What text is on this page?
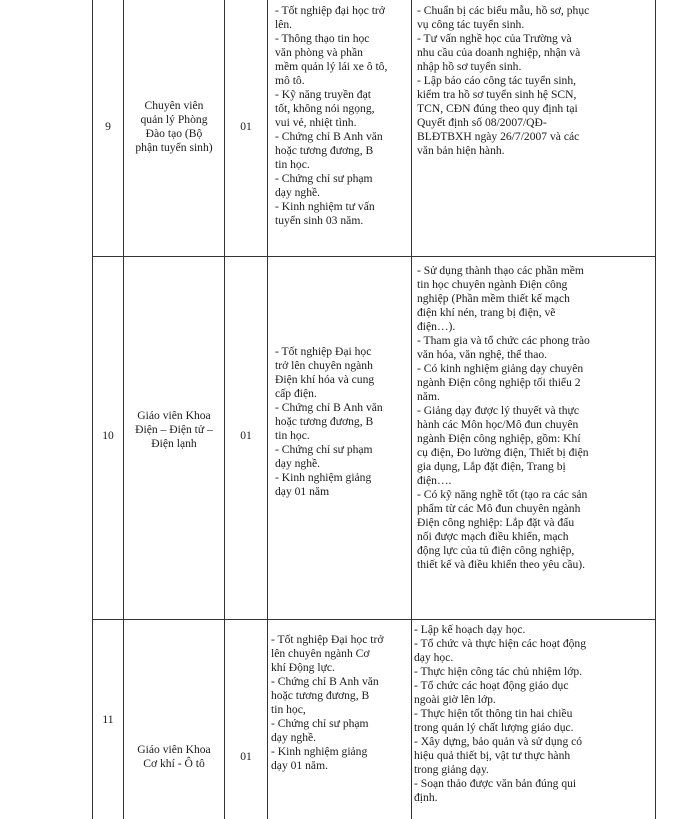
9
Chuyên viên
quản lý Phòng
Đào tạo (Bộ
phận tuyển sinh)
01
- Tốt nghiệp đại học trở
lên.
- Thông thạo tin học
văn phòng và phần
mềm quản lý lái xe ô tô,
mô tô.
- Kỹ năng truyền đạt
tốt, không nói ngọng,
vui vẻ, nhiệt tình.
- Chứng chỉ B Anh văn
hoặc tương đương, B
tin học.
- Chứng chỉ sư phạm
dạy nghề.
- Kinh nghiệm tư vấn
tuyển sinh 03 năm.
- Chuẩn bị các biểu mẫu, hồ sơ, phục
vụ công tác tuyển sinh.
- Tư vấn nghề học của Trường và
nhu cầu của doanh nghiệp, nhận và
nhập hồ sơ tuyển sinh.
- Lập báo cáo công tác tuyển sinh,
kiểm tra hồ sơ tuyển sinh hệ SCN,
TCN, CĐN đúng theo quy định tại
Quyết định số 08/2007/QĐ-
BLĐTBXH ngày 26/7/2007 và các
văn bản hiện hành.
10
Giáo viên Khoa
Điện – Điện tử –
Điện lạnh
01
- Tốt nghiệp Đại học
trở lên chuyên ngành
Điện khí hóa và cung
cấp điện.
- Chứng chỉ B Anh văn
hoặc tương đương, B
tin học.
- Chứng chỉ sư phạm
dạy nghề.
- Kinh nghiệm giảng
dạy 01 năm
- Sử dụng thành thạo các phần mềm
tin học chuyên ngành Điện công
nghiệp (Phần mềm thiết kế mạch
điện khí nén, trang bị điện, vẽ
điện…).
- Tham gia và tổ chức các phong trào
văn hóa, văn nghệ, thể thao.
- Có kinh nghiệm giảng dạy chuyên
ngành Điện công nghiệp tối thiểu 2
năm.
- Giảng dạy được lý thuyết và thực
hành các Môn học/Mô đun chuyên
ngành Điện công nghiệp, gồm: Khí
cụ điện, Đo lường điện, Thiết bị điện
gia dụng, Lắp đặt điện, Trang bị
điện….
- Có kỹ năng nghề tốt (tạo ra các sản
phẩm từ các Mô đun chuyên ngành
Điện công nghiệp: Lắp đặt và đấu
nối được mạch điều khiển, mạch
động lực của tủ điện công nghiệp,
thiết kế và điều khiển theo yêu cầu).
11
Giáo viên Khoa
Cơ khí - Ô tô
01
- Tốt nghiệp Đại học trở
lên chuyên ngành Cơ
khí Động lực.
- Chứng chỉ B Anh văn
hoặc tương đương, B
tin học,
- Chứng chỉ sư phạm
dạy nghề.
- Kinh nghiệm giảng
dạy 01 năm.
- Lập kế hoạch dạy học.
- Tổ chức và thực hiện các hoạt động
dạy học.
- Thực hiện công tác chủ nhiệm lớp.
- Tổ chức các hoạt động giáo dục
ngoài giờ lên lớp.
- Thực hiện tốt thông tin hai chiều
trong quản lý chất lượng giáo dục.
- Xây dựng, bảo quản và sử dụng có
hiệu quả thiết bị, vật tư thực hành
trong giảng dạy.
- Soạn thảo được văn bản đúng qui
định.
